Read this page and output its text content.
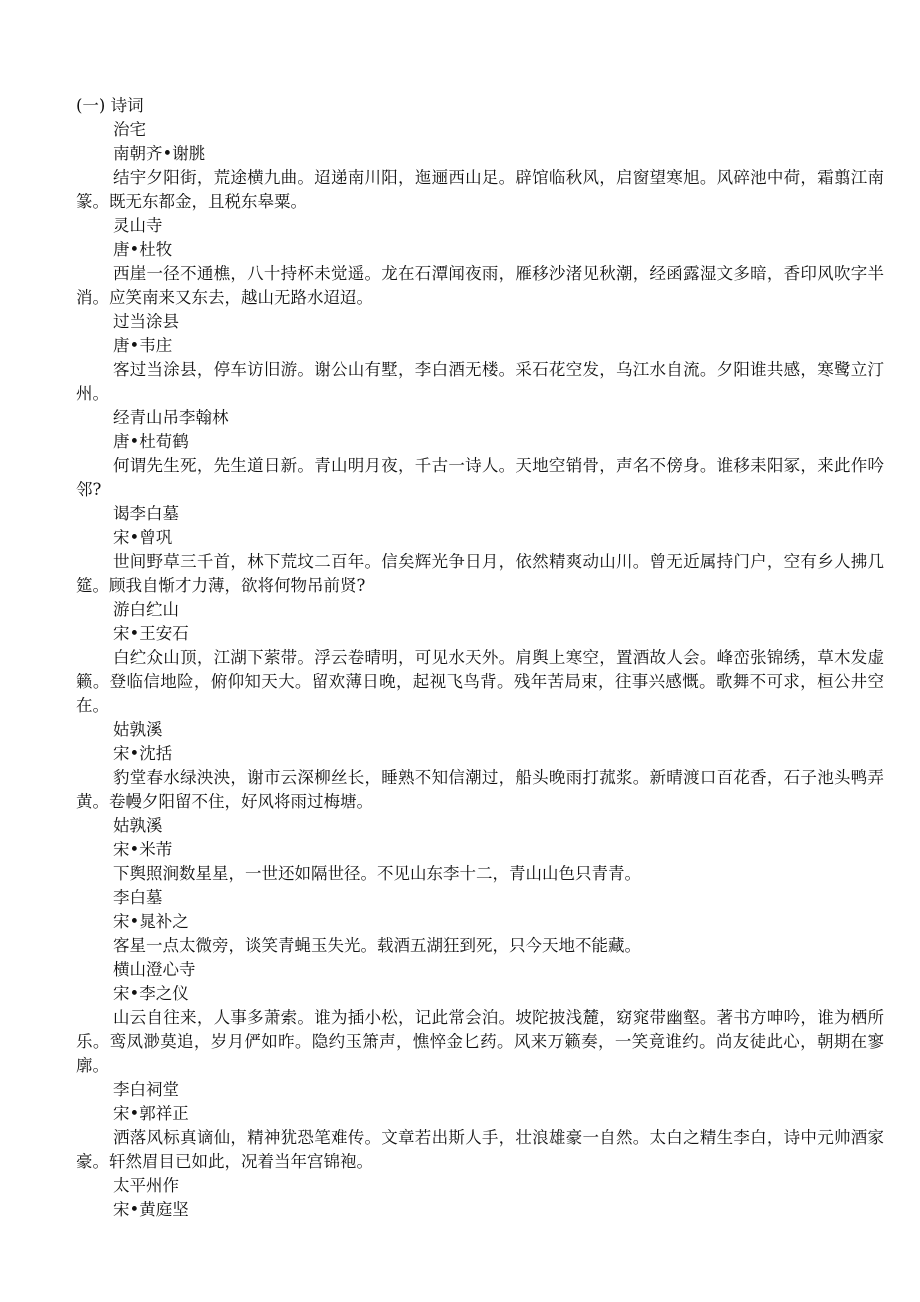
(一) 诗词
治宅
南朝齐•谢朓
结宇夕阳街，荒途横九曲。迢递南川阳，迤逦西山足。辟馆临秋风，启窗望寒旭。风碎池中荷，霜翦江南篆。既无东都金，且税东皋粟。
灵山寺
唐•杜牧
西崖一径不通樵，八十持杯未觉遥。龙在石潭闻夜雨，雁移沙渚见秋潮，经函露湿文多暗，香印风吹字半消。应笑南来又东去，越山无路水迢迢。
过当涂县
唐•韦庄
客过当涂县，停车访旧游。谢公山有墅，李白酒无楼。采石花空发，乌江水自流。夕阳谁共感，寒鹭立汀州。
经青山吊李翰林
唐•杜荀鹤
何谓先生死，先生道日新。青山明月夜，千古一诗人。天地空销骨，声名不傍身。谁移耒阳冢，来此作吟邻?
谒李白墓
宋•曾巩
世间野草三千首，林下荒坟二百年。信矣辉光争日月，依然精爽动山川。曾无近属持门户，空有乡人拂几筵。顾我自惭才力薄，欲将何物吊前贤?
游白纻山
宋•王安石
白纻众山顶，江湖下萦带。浮云卷晴明，可见水天外。肩舆上寒空，置酒故人会。峰峦张锦绣，草木发虚籁。登临信地险，俯仰知天大。留欢薄日晚，起视飞鸟背。残年苦局束，往事兴感慨。歌舞不可求，桓公井空在。
姑孰溪
宋•沈括
豹堂春水绿泱泱，谢市云深柳丝长，睡熟不知信潮过，船头晚雨打菰浆。新晴渡口百花香，石子池头鸭弄黄。卷幔夕阳留不住，好风将雨过梅塘。
姑孰溪
宋•米芾
下舆照涧数星星，一世还如隔世径。不见山东李十二，青山山色只青青。
李白墓
宋•晁补之
客星一点太微旁，谈笑青蝇玉失光。载酒五湖狂到死，只今天地不能藏。
横山澄心寺
宋•李之仪
山云自往来，人事多萧索。谁为插小松，记此常会泊。坡陀披浅麓，窈窕带幽壑。著书方呻吟，谁为栖所乐。鸾凤渺莫追，岁月俨如昨。隐约玉箫声，憔悴金匕药。风来万籁奏，一笑竟谁约。尚友徒此心，朝期在寥廓。
李白祠堂
宋•郭祥正
洒落风标真谪仙，精神犹恐笔难传。文章若出斯人手，壮浪雄豪一自然。太白之精生李白，诗中元帅酒家豪。轩然眉目已如此，况着当年宫锦袍。
太平州作
宋•黄庭坚
